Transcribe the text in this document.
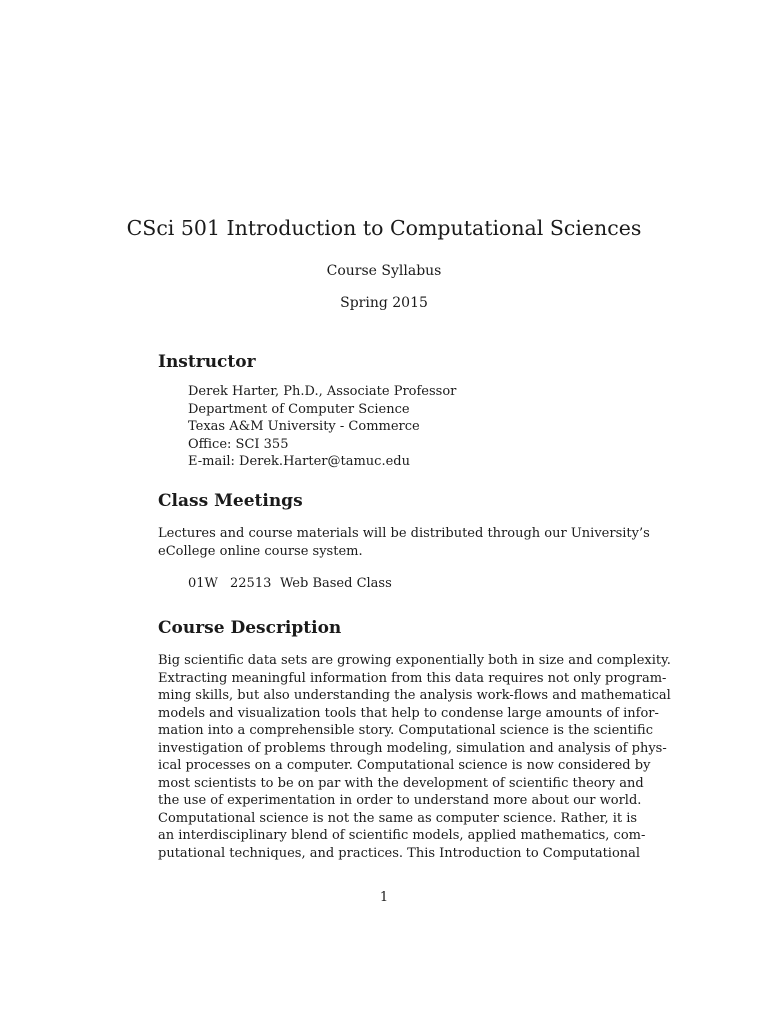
CSci 501 Introduction to Computational Sciences
Course Syllabus
Spring 2015
Instructor
Derek Harter, Ph.D., Associate Professor
Department of Computer Science
Texas A&M University - Commerce
Office: SCI 355
E-mail: Derek.Harter@tamuc.edu
Class Meetings
Lectures and course materials will be distributed through our University’s
eCollege online course system.
01W 22513 Web Based Class
Course Description
Big scientific data sets are growing exponentially both in size and complexity.
Extracting meaningful information from this data requires not only program-
ming skills, but also understanding the analysis work-flows and mathematical
models and visualization tools that help to condense large amounts of infor-
mation into a comprehensible story. Computational science is the scientific
investigation of problems through modeling, simulation and analysis of phys-
ical processes on a computer. Computational science is now considered by
most scientists to be on par with the development of scientific theory and
the use of experimentation in order to understand more about our world.
Computational science is not the same as computer science. Rather, it is
an interdisciplinary blend of scientific models, applied mathematics, com-
putational techniques, and practices. This Introduction to Computational
1
